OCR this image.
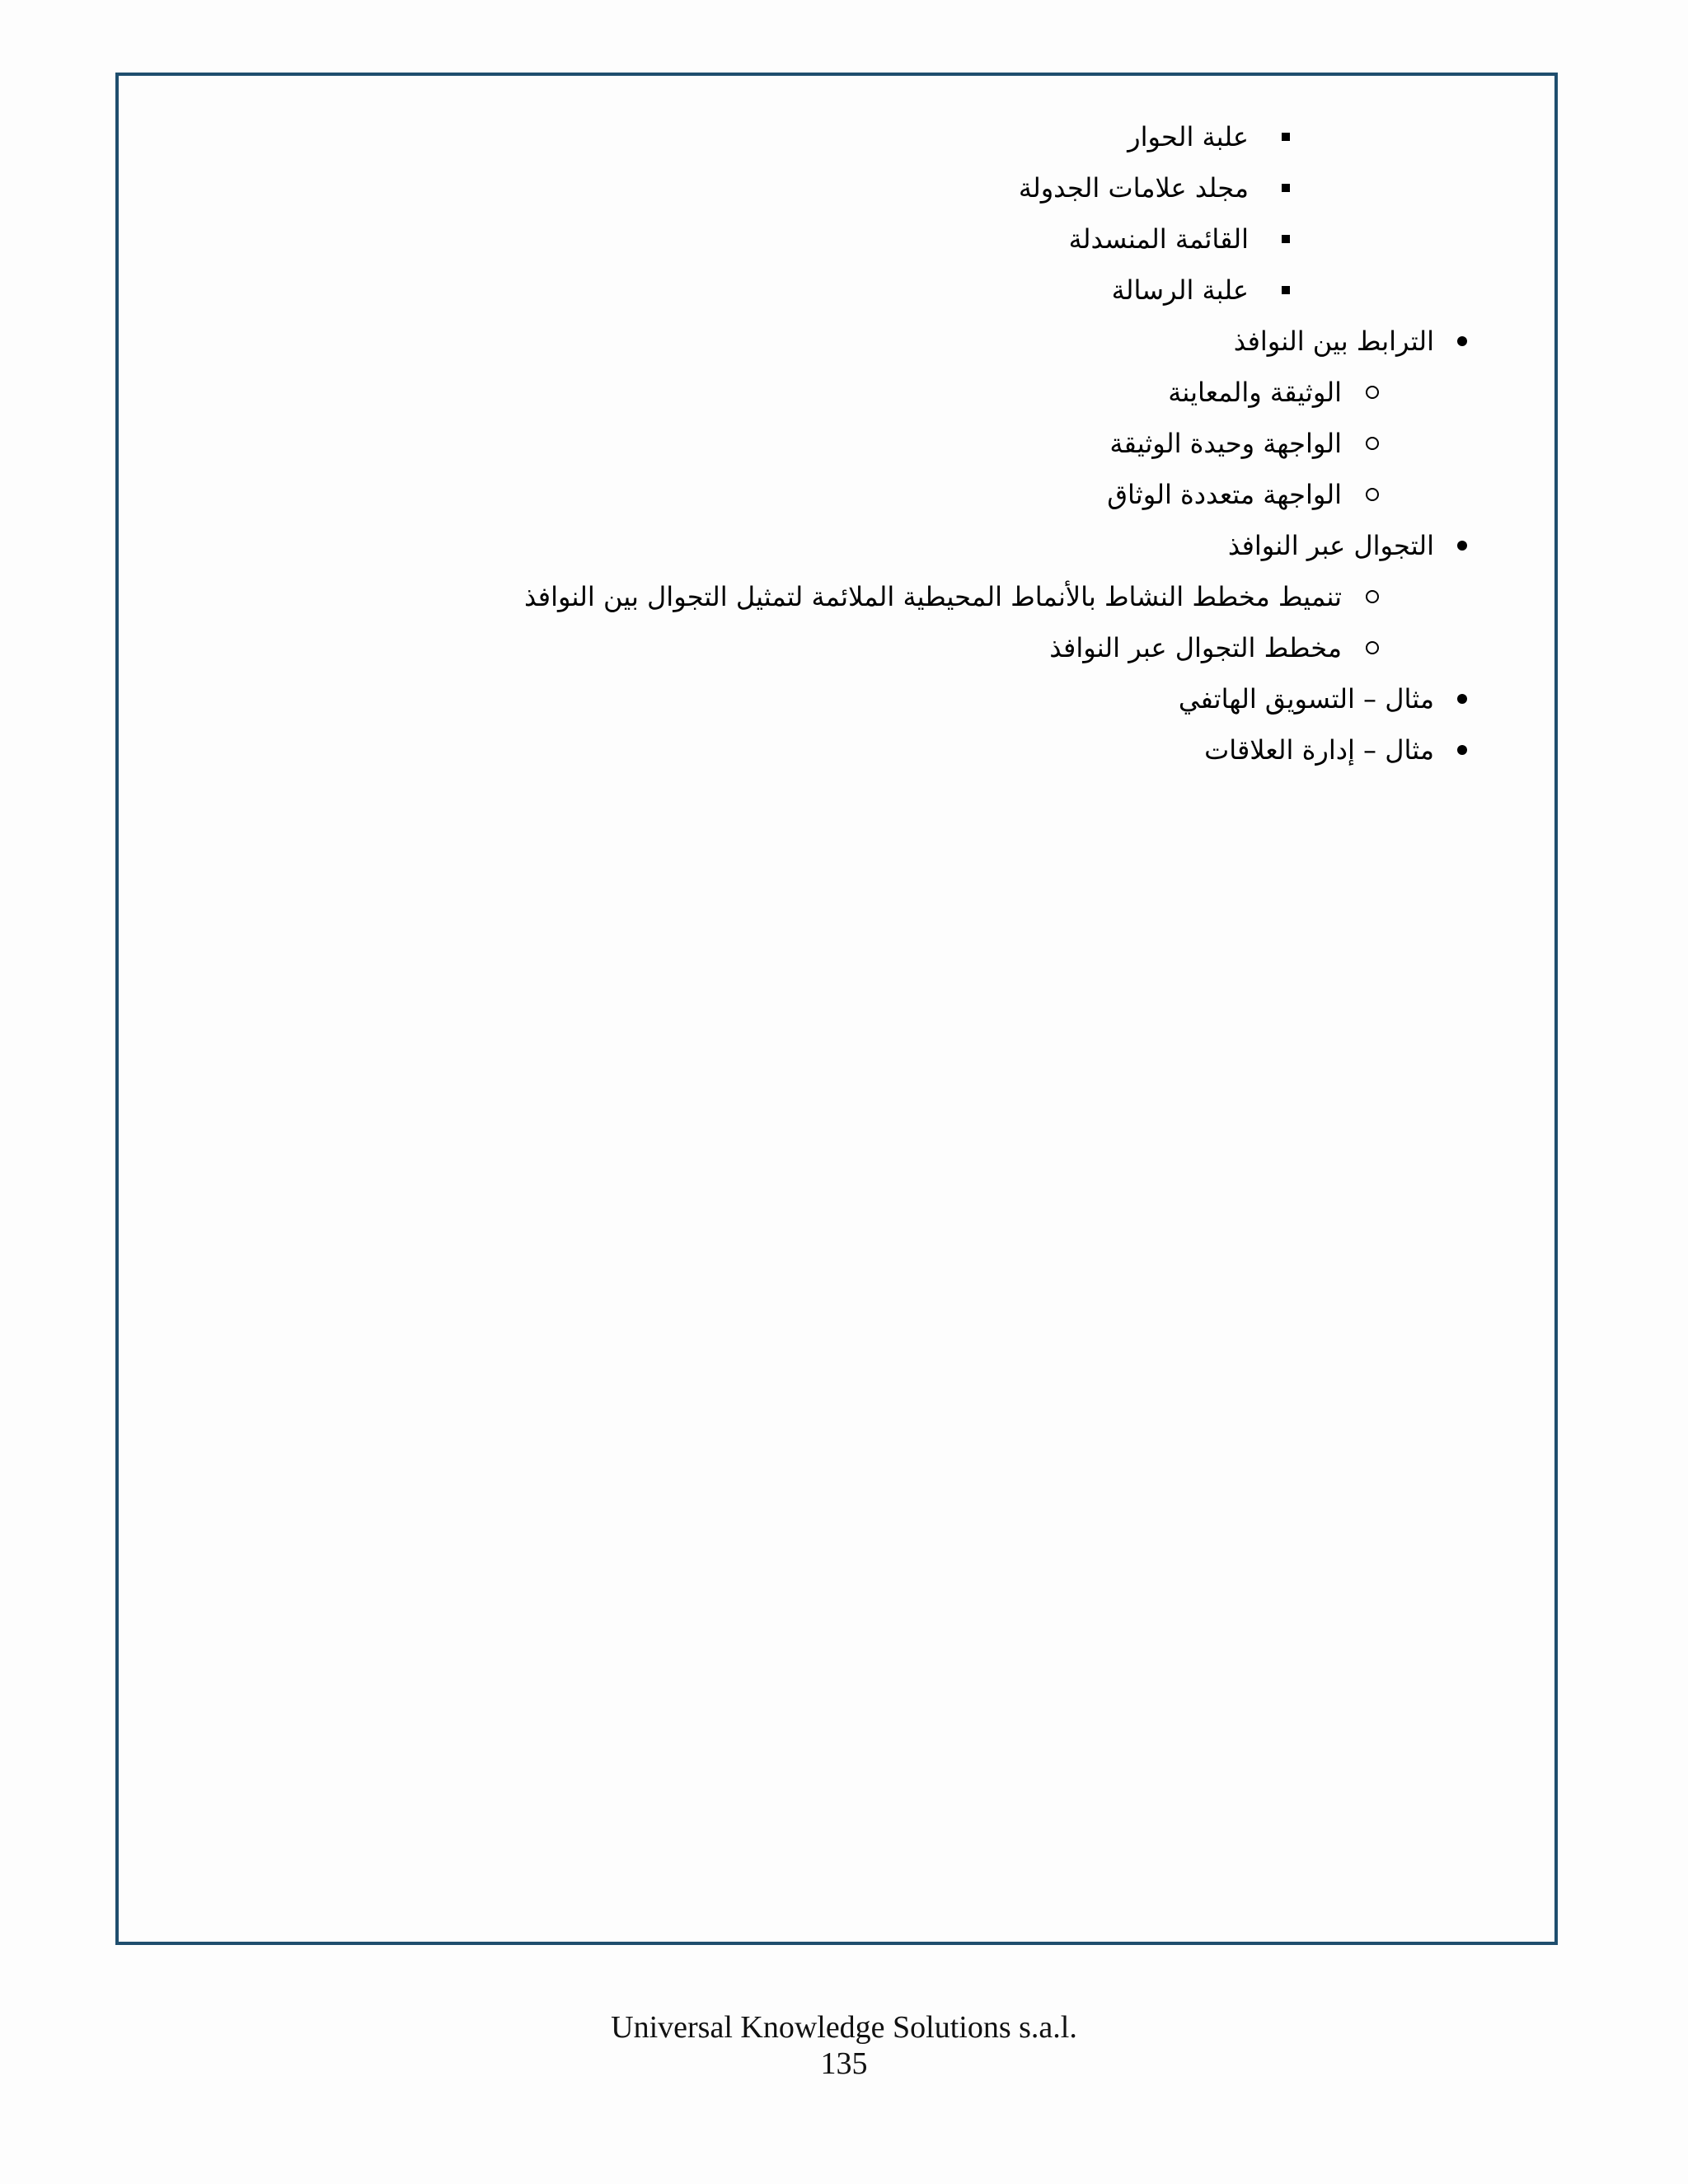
علبة الحوار
مجلد علامات الجدولة
القائمة المنسدلة
علبة الرسالة
الترابط بين النوافذ
الوثيقة والمعاينة
الواجهة وحيدة الوثيقة
الواجهة متعددة الوثاق
التجوال عبر النوافذ
تنميط مخطط النشاط بالأنماط المحيطية الملائمة لتمثيل التجوال بين النوافذ
مخطط التجوال عبر النوافذ
مثال – التسويق الهاتفي
مثال – إدارة العلاقات
Universal Knowledge Solutions s.a.l.
135
